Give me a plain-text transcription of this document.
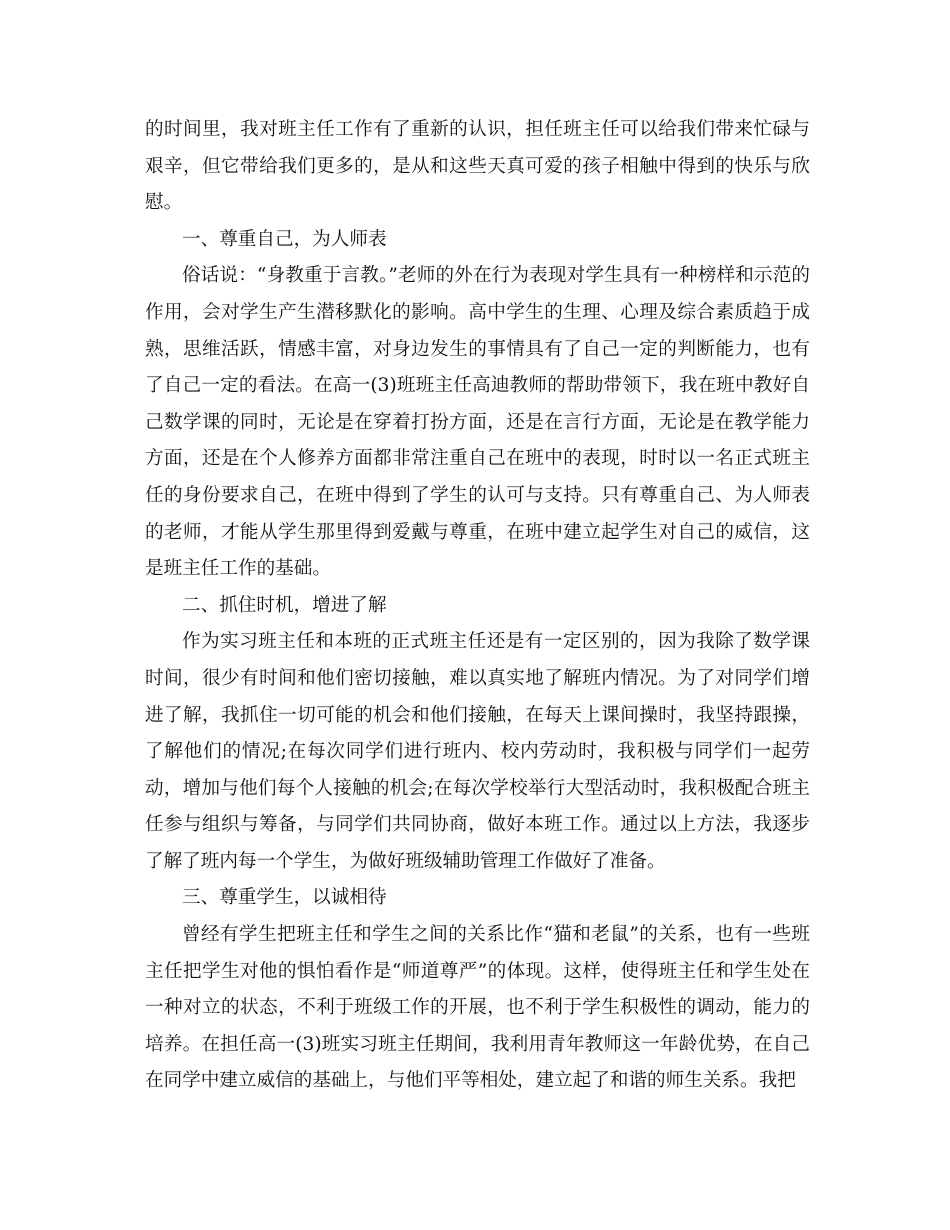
的时间里，我对班主任工作有了重新的认识，担任班主任可以给我们带来忙碌与艰辛，但它带给我们更多的，是从和这些天真可爱的孩子相触中得到的快乐与欣慰。

一、尊重自己，为人师表

俗话说：“身教重于言教。”老师的外在行为表现对学生具有一种榜样和示范的作用，会对学生产生潜移默化的影响。高中学生的生理、心理及综合素质趋于成熟，思维活跃，情感丰富，对身边发生的事情具有了自己一定的判断能力，也有了自己一定的看法。在高一(3)班班主任高迪教师的帮助带领下，我在班中教好自己数学课的同时，无论是在穿着打扮方面，还是在言行方面，无论是在教学能力方面，还是在个人修养方面都非常注重自己在班中的表现，时时以一名正式班主任的身份要求自己，在班中得到了学生的认可与支持。只有尊重自己、为人师表的老师，才能从学生那里得到爱戴与尊重，在班中建立起学生对自己的威信，这是班主任工作的基础。

二、抓住时机，增进了解

作为实习班主任和本班的正式班主任还是有一定区别的，因为我除了数学课时间，很少有时间和他们密切接触，难以真实地了解班内情况。为了对同学们增进了解，我抓住一切可能的机会和他们接触，在每天上课间操时，我坚持跟操，了解他们的情况;在每次同学们进行班内、校内劳动时，我积极与同学们一起劳动，增加与他们每个人接触的机会;在每次学校举行大型活动时，我积极配合班主任参与组织与筹备，与同学们共同协商，做好本班工作。通过以上方法，我逐步了解了班内每一个学生，为做好班级辅助管理工作做好了准备。

三、尊重学生，以诚相待

曾经有学生把班主任和学生之间的关系比作“猫和老鼠”的关系，也有一些班主任把学生对他的惧怕看作是“师道尊严”的体现。这样，使得班主任和学生处在一种对立的状态，不利于班级工作的开展，也不利于学生积极性的调动，能力的培养。在担任高一(3)班实习班主任期间，我利用青年教师这一年龄优势，在自己在同学中建立威信的基础上，与他们平等相处，建立起了和谐的师生关系。我把
